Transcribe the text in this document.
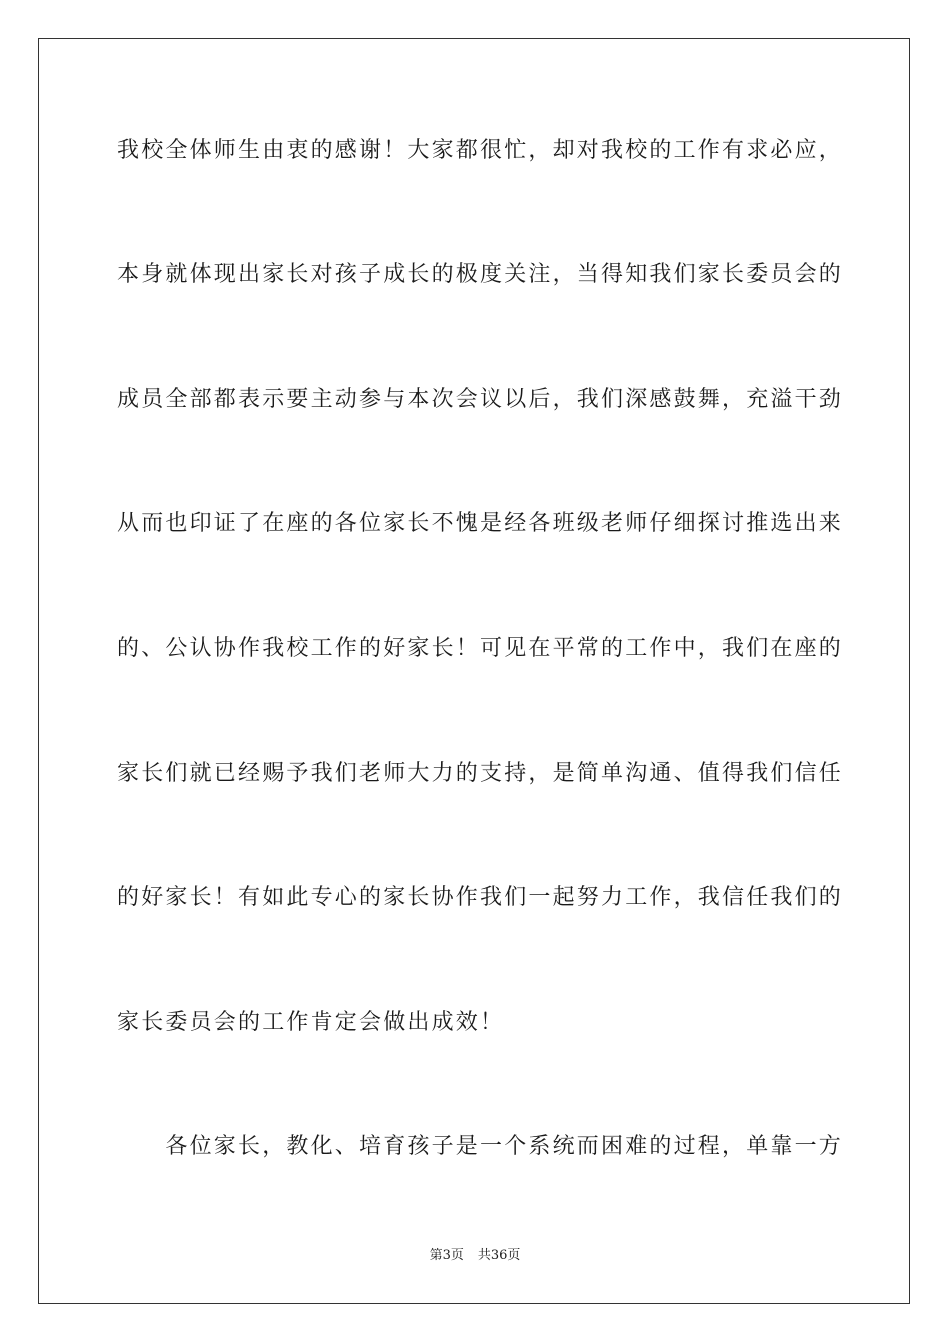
我校全体师生由衷的感谢！大家都很忙，却对我校的工作有求必应，
本身就体现出家长对孩子成长的极度关注，当得知我们家长委员会的
成员全部都表示要主动参与本次会议以后，我们深感鼓舞，充溢干劲
从而也印证了在座的各位家长不愧是经各班级老师仔细探讨推选出来
的、公认协作我校工作的好家长！可见在平常的工作中，我们在座的
家长们就已经赐予我们老师大力的支持，是简单沟通、值得我们信任
的好家长！有如此专心的家长协作我们一起努力工作，我信任我们的
家长委员会的工作肯定会做出成效！
　　各位家长，教化、培育孩子是一个系统而困难的过程，单靠一方
第3页 共36页
